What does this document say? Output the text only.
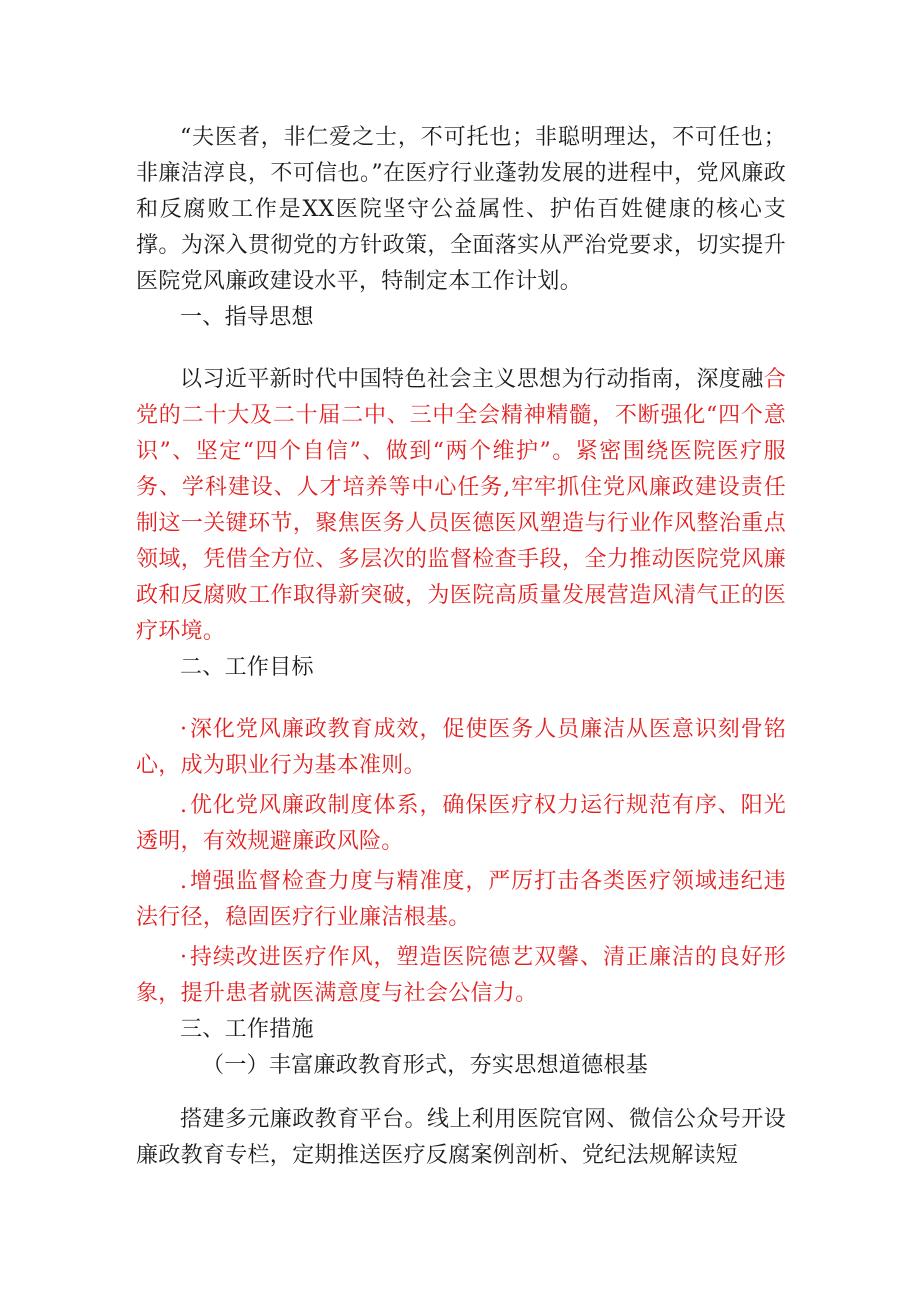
“夫医者，非仁爱之士，不可托也；非聪明理达，不可任也；非廉洁淳良，不可信也。”在医疗行业蓬勃发展的进程中，党风廉政和反腐败工作是XX医院坚守公益属性、护佑百姓健康的核心支撑。为深入贯彻党的方针政策，全面落实从严治党要求，切实提升医院党风廉政建设水平，特制定本工作计划。

一、指导思想

以习近平新时代中国特色社会主义思想为行动指南，深度融合党的二十大及二十届二中、三中全会精神精髓，不断强化“四个意识”、坚定“四个自信”、做到“两个维护”。紧密围绕医院医疗服务、学科建设、人才培养等中心任务,牢牢抓住党风廉政建设责任制这一关键环节，聚焦医务人员医德医风塑造与行业作风整治重点领域，凭借全方位、多层次的监督检查手段，全力推动医院党风廉政和反腐败工作取得新突破，为医院高质量发展营造风清气正的医疗环境。

二、工作目标

·深化党风廉政教育成效，促使医务人员廉洁从医意识刻骨铭心，成为职业行为基本准则。

.优化党风廉政制度体系，确保医疗权力运行规范有序、阳光透明，有效规避廉政风险。

.增强监督检查力度与精准度，严厉打击各类医疗领域违纪违法行径，稳固医疗行业廉洁根基。

·持续改进医疗作风，塑造医院德艺双馨、清正廉洁的良好形象，提升患者就医满意度与社会公信力。

三、工作措施

（一）丰富廉政教育形式，夯实思想道德根基

搭建多元廉政教育平台。线上利用医院官网、微信公众号开设廉政教育专栏，定期推送医疗反腐案例剖析、党纪法规解读短
